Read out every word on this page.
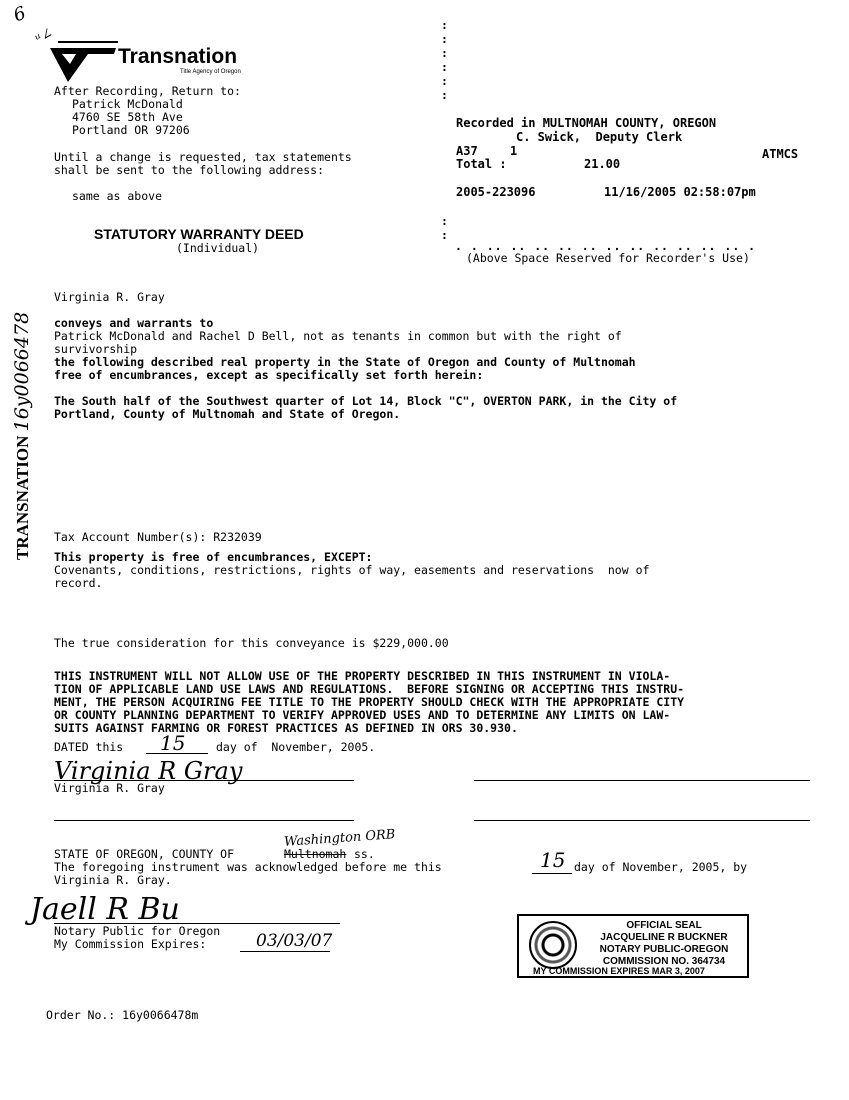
6
ᵘ∠
Transnation
Title Agency of Oregon
After Recording, Return to:
Patrick McDonald
4760 SE 58th Ave
Portland OR 97206
Until a change is requested, tax statements
shall be sent to the following address:
same as above
STATUTORY WARRANTY DEED
(Individual)
:
:
:
:
:
:
:
:
. . .. .. .. .. .. .. .. .. .. .. .. .
Recorded in MULTNOMAH COUNTY, OREGON
C. Swick,  Deputy Clerk
A37	1	ATMCS
Total :	21.00
2005-223096	11/16/2005 02:58:07pm
(Above Space Reserved for Recorder's Use)
Virginia R. Gray
conveys and warrants to
Patrick McDonald and Rachel D Bell, not as tenants in common but with the right of
survivorship
the following described real property in the State of Oregon and County of Multnomah
free of encumbrances, except as specifically set forth herein:
The South half of the Southwest quarter of Lot 14, Block "C", OVERTON PARK, in the City of
Portland, County of Multnomah and State of Oregon.
TRANSNATION 16y0066478
Tax Account Number(s): R232039
This property is free of encumbrances, EXCEPT:
Covenants, conditions, restrictions, rights of way, easements and reservations  now of
record.
The true consideration for this conveyance is $229,000.00
THIS INSTRUMENT WILL NOT ALLOW USE OF THE PROPERTY DESCRIBED IN THIS INSTRUMENT IN VIOLA-
TION OF APPLICABLE LAND USE LAWS AND REGULATIONS.  BEFORE SIGNING OR ACCEPTING THIS INSTRU-
MENT, THE PERSON ACQUIRING FEE TITLE TO THE PROPERTY SHOULD CHECK WITH THE APPROPRIATE CITY
OR COUNTY PLANNING DEPARTMENT TO VERIFY APPROVED USES AND TO DETERMINE ANY LIMITS ON LAW-
SUITS AGAINST FARMING OR FOREST PRACTICES AS DEFINED IN ORS 30.930.
DATED this 15	day of  November, 2005.
Virginia R Gray
Virginia R. Gray
STATE OF OREGON, COUNTY OF	Multnomah
Washington ORB
ss.
The foregoing instrument was acknowledged before me this	15 day of November, 2005, by
Virginia R. Gray.
Jaell R Bu
Notary Public for Oregon
My Commission Expires:	03/03/07
OFFICIAL SEAL
JACQUELINE R BUCKNER
NOTARY PUBLIC-OREGON
COMMISSION NO. 364734
MY COMMISSION EXPIRES MAR 3, 2007
Order No.: 16y0066478m
